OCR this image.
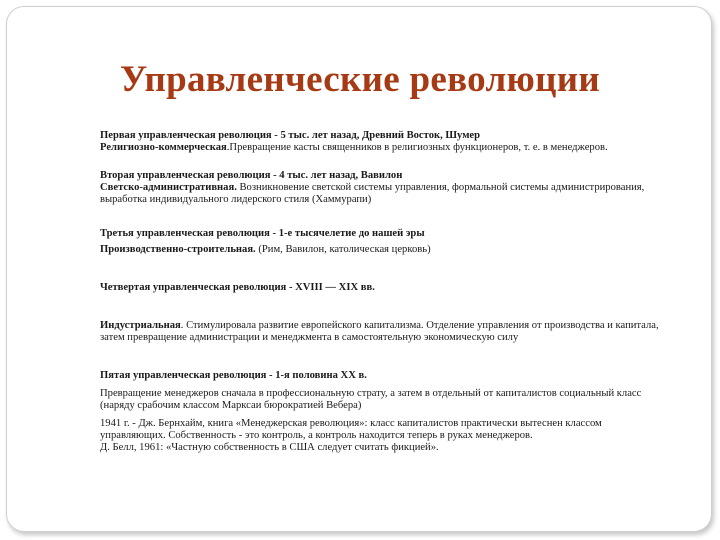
Управленческие революции

Первая управленческая революция - 5 тыс. лет назад, Древний Восток, Шумер

Религиозно-коммерческая.Превращение касты священников в религиозных функционеров, т. е. в менеджеров.

Вторая управленческая революция - 4 тыс. лет назад, Вавилон

Светско-административная. Возникновение светской системы управления, формальной системы администрирования, выработка индивидуального лидерского стиля (Хаммурапи)

Третья управленческая революция - 1-е тысячелетие до нашей эры

Производственно-строительная. (Рим, Вавилон, католическая церковь)

Четвертая управленческая революция - XVIII — XIX вв.

Индустриальная. Стимулировала развитие европейского капитализма. Отделение управления от производства и капитала, затем превращение администрации и менеджмента в самостоятельную экономическую силу

Пятая управленческая революция - 1-я половина XX в.

Превращение менеджеров сначала в профессиональную страту, а затем в отдельный от капиталистов социальный класс (наряду срабочим классом Марксаи бюрократией Вебера)

1941 г. - Дж. Бернхайм, книга «Менеджерская революция»: класс капиталистов практически вытеснен классом управляющих. Собственность - это контроль, а контроль находится теперь в руках менеджеров.

Д. Белл, 1961: «Частную собственность в США следует считать фикцией».
